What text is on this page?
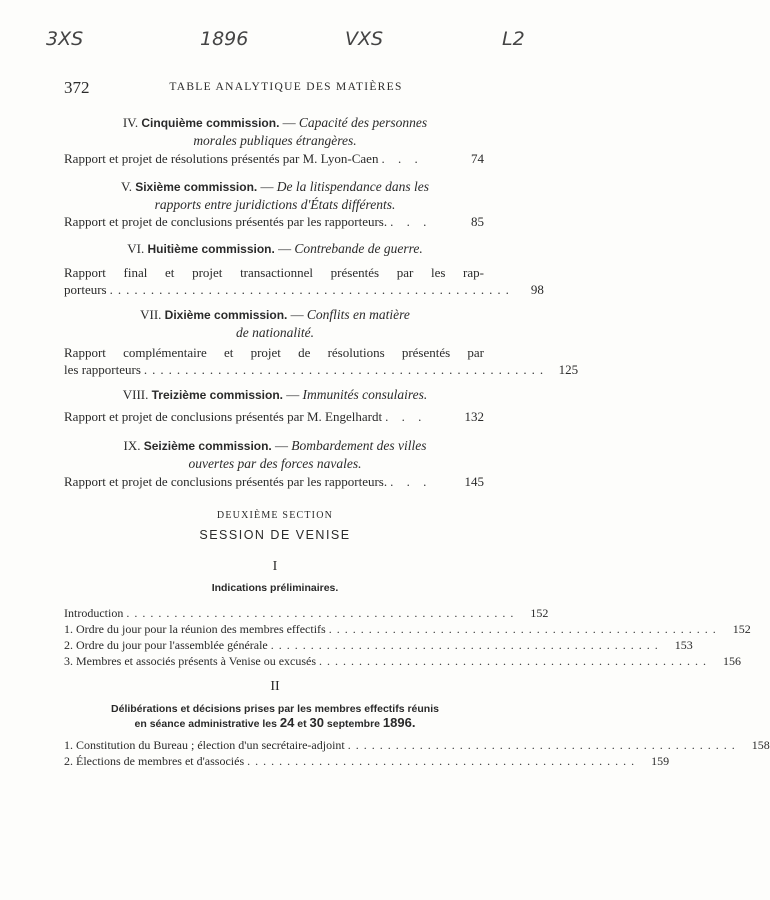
3XS	1896	VXS	L2
372	TABLE ANALYTIQUE DES MATIÈRES
IV. Cinquième commission. — Capacité des personnes
morales publiques étrangères.
Rapport et projet de résolutions présentés par M. Lyon-Caen . . .	74
V. Sixième commission. — De la litispendance dans les
rapports entre juridictions d'États différents.
Rapport et projet de conclusions présentés par les rapporteurs. . . .	85
VI. Huitième commission. — Contrebande de guerre.
Rapport final et projet transactionnel présentés par les rap-
porteurs .................................................	98
VII. Dixième commission. — Conflits en matière
de nationalité.
Rapport complémentaire et projet de résolutions présentés par
les rapporteurs ................................................. 125
VIII. Treizième commission. — Immunités consulaires.
Rapport et projet de conclusions présentés par M. Engelhardt . . .	132
IX. Seizième commission. — Bombardement des villes
ouvertes par des forces navales.
Rapport et projet de conclusions présentés par les rapporteurs. . . .	145
DEUXIÈME SECTION
SESSION DE VENISE
I
Indications préliminaires.
Introduction .................................................	152
1. Ordre du jour pour la réunion des membres effectifs .................................................	152
2. Ordre du jour pour l'assemblée générale .................................................	153
3. Membres et associés présents à Venise ou excusés .................................................	156
II
Délibérations et décisions prises par les membres effectifs réunis
en séance administrative les 24 et 30 septembre 1896.
1. Constitution du Bureau ; élection d'un secrétaire-adjoint .................................................	158
2. Élections de membres et d'associés .................................................	159
